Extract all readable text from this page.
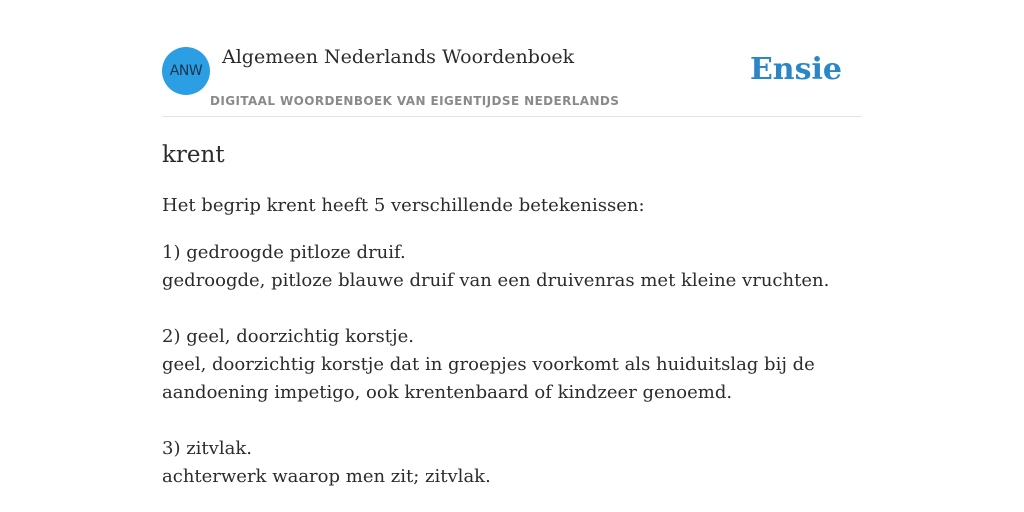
ANW
Algemeen Nederlands Woordenboek
DIGITAAL WOORDENBOEK VAN EIGENTIJDSE NEDERLANDS
Ensie
krent

Het begrip krent heeft 5 verschillende betekenissen:

1) gedroogde pitloze druif.
gedroogde, pitloze blauwe druif van een druivenras met kleine vruchten.
2) geel, doorzichtig korstje.
geel, doorzichtig korstje dat in groepjes voorkomt als huiduitslag bij de aandoening impetigo, ook krentenbaard of kindzeer genoemd.
3) zitvlak.
achterwerk waarop men zit; zitvlak.
